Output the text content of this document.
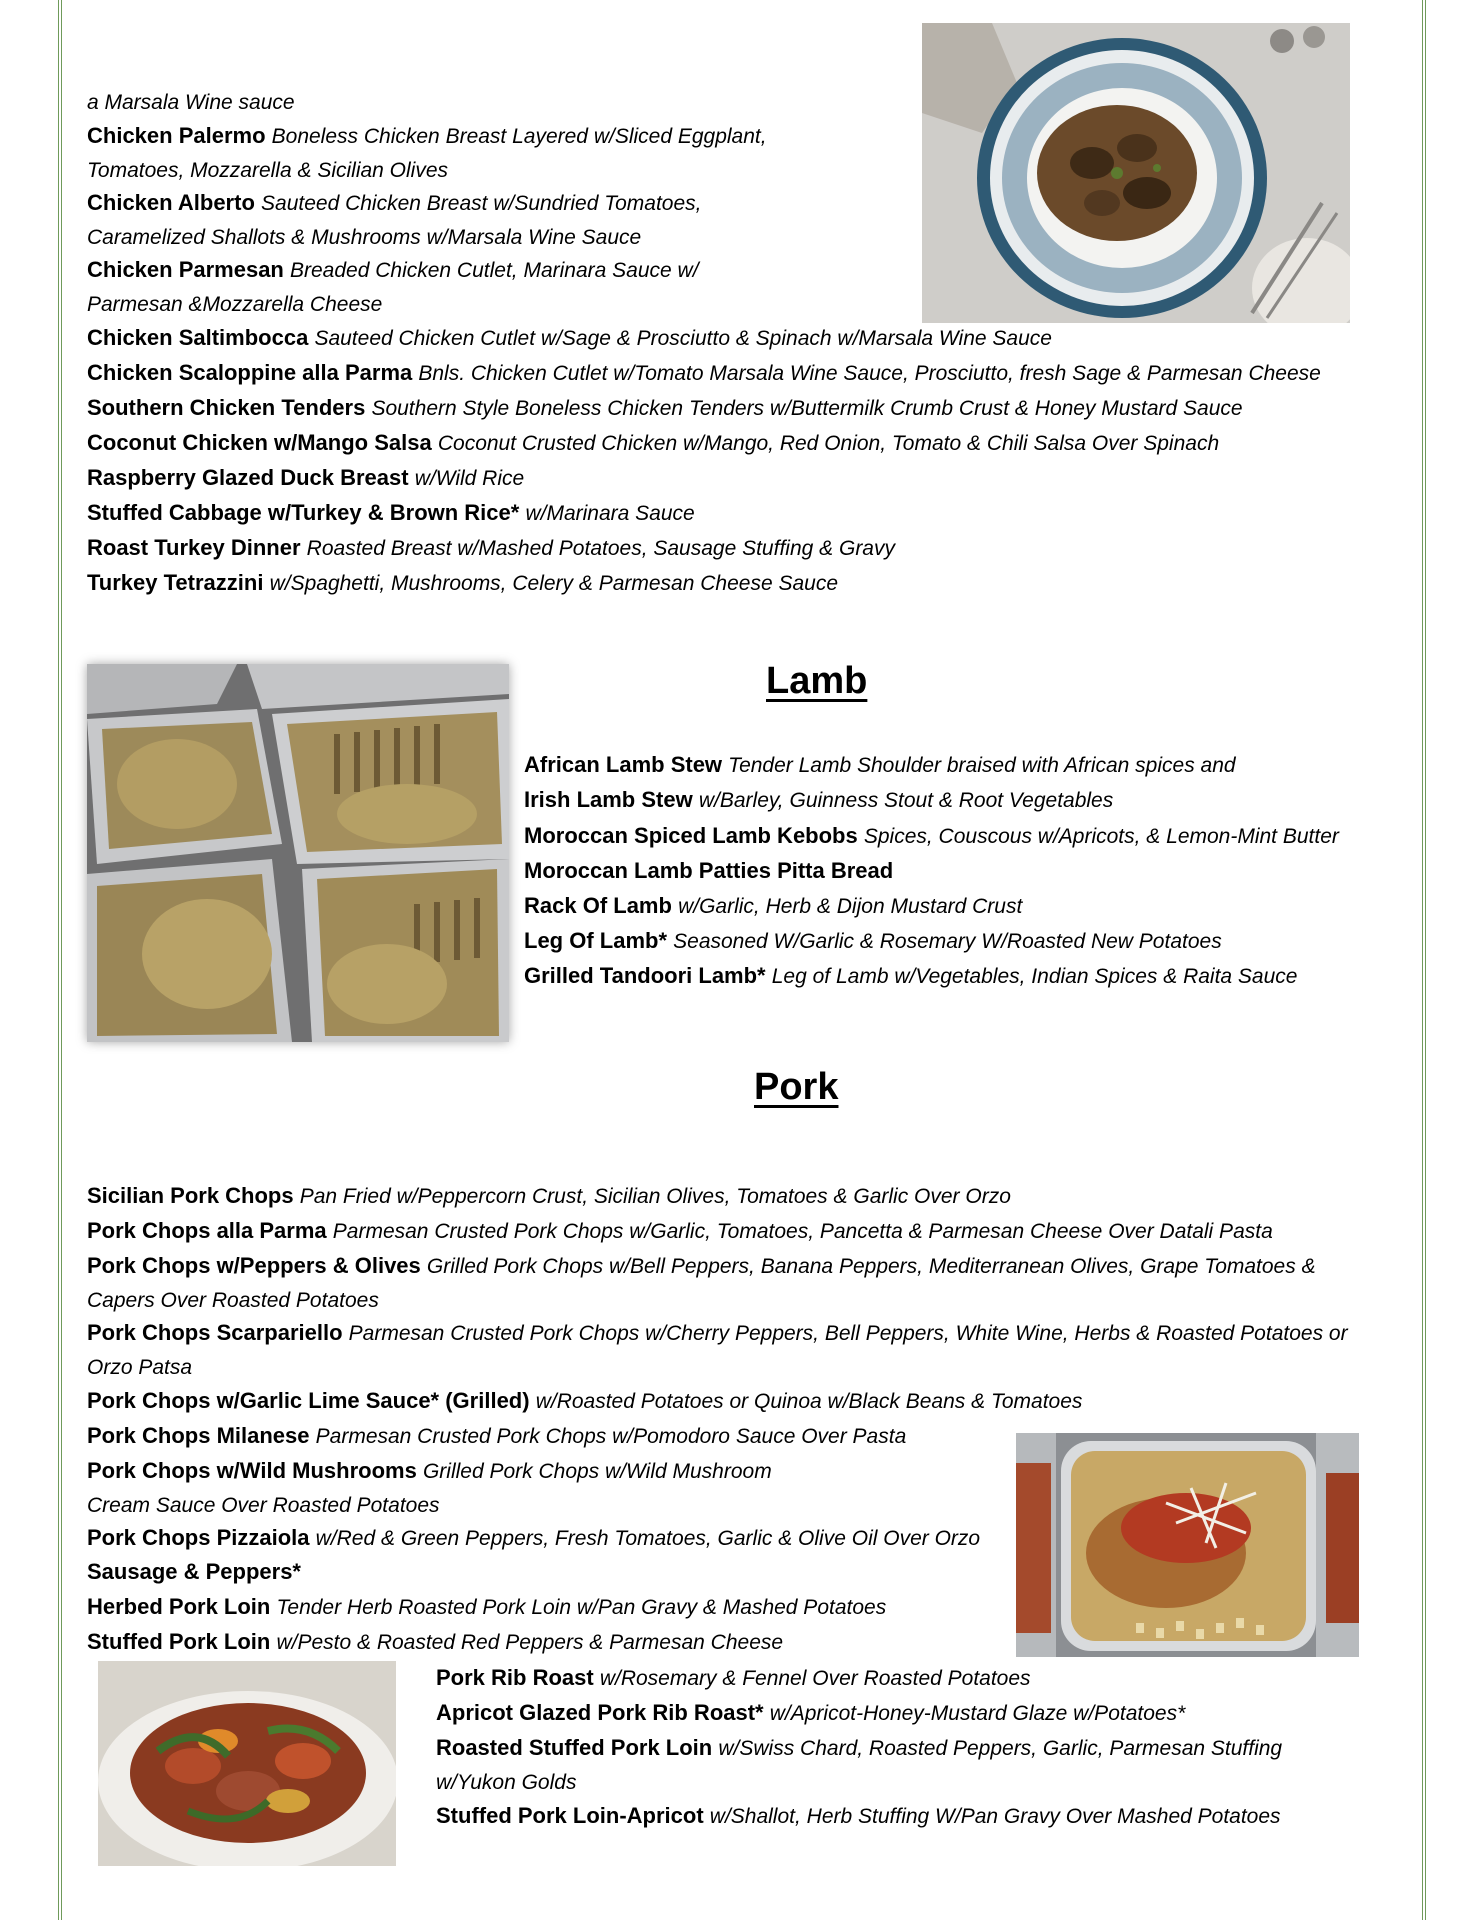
a Marsala Wine sauce
Chicken Palermo Boneless Chicken Breast Layered w/Sliced Eggplant,
Tomatoes, Mozzarella & Sicilian Olives
Chicken Alberto Sauteed Chicken Breast w/Sundried Tomatoes,
Caramelized Shallots & Mushrooms w/Marsala Wine Sauce
Chicken Parmesan Breaded Chicken Cutlet, Marinara Sauce w/
Parmesan &Mozzarella Cheese
Chicken Saltimbocca Sauteed Chicken Cutlet w/Sage & Prosciutto & Spinach w/Marsala Wine Sauce
Chicken Scaloppine alla Parma Bnls. Chicken Cutlet w/Tomato Marsala Wine Sauce, Prosciutto, fresh Sage & Parmesan Cheese
Southern Chicken Tenders Southern Style Boneless Chicken Tenders w/Buttermilk Crumb Crust & Honey Mustard Sauce
Coconut Chicken w/Mango Salsa Coconut Crusted Chicken w/Mango, Red Onion, Tomato & Chili Salsa Over Spinach
Raspberry Glazed Duck Breast w/Wild Rice
Stuffed Cabbage w/Turkey & Brown Rice* w/Marinara Sauce
Roast Turkey Dinner Roasted Breast w/Mashed Potatoes, Sausage Stuffing & Gravy
Turkey Tetrazzini w/Spaghetti, Mushrooms, Celery & Parmesan Cheese Sauce
Lamb
African Lamb Stew Tender Lamb Shoulder braised with African spices and
Irish Lamb Stew w/Barley, Guinness Stout & Root Vegetables
Moroccan Spiced Lamb Kebobs Spices, Couscous w/Apricots, & Lemon-Mint Butter
Moroccan Lamb Patties Pitta Bread
Rack Of Lamb w/Garlic, Herb & Dijon Mustard Crust
Leg Of Lamb* Seasoned W/Garlic & Rosemary W/Roasted New Potatoes
Grilled Tandoori Lamb* Leg of Lamb w/Vegetables, Indian Spices & Raita Sauce
Pork
Sicilian Pork Chops Pan Fried w/Peppercorn Crust, Sicilian Olives, Tomatoes & Garlic Over Orzo
Pork Chops alla Parma Parmesan Crusted Pork Chops w/Garlic, Tomatoes, Pancetta & Parmesan Cheese Over Datali Pasta
Pork Chops w/Peppers & Olives Grilled Pork Chops w/Bell Peppers, Banana Peppers, Mediterranean Olives, Grape Tomatoes &
Capers Over Roasted Potatoes
Pork Chops Scarpariello Parmesan Crusted Pork Chops w/Cherry Peppers, Bell Peppers, White Wine, Herbs & Roasted Potatoes or
Orzo Patsa
Pork Chops w/Garlic Lime Sauce* (Grilled) w/Roasted Potatoes or Quinoa w/Black Beans & Tomatoes
Pork Chops Milanese Parmesan Crusted Pork Chops w/Pomodoro Sauce Over Pasta
Pork Chops w/Wild Mushrooms Grilled Pork Chops w/Wild Mushroom
Cream Sauce Over Roasted Potatoes
Pork Chops Pizzaiola w/Red & Green Peppers, Fresh Tomatoes, Garlic & Olive Oil Over Orzo
Sausage & Peppers*
Herbed Pork Loin Tender Herb Roasted Pork Loin w/Pan Gravy & Mashed Potatoes
Stuffed Pork Loin w/Pesto & Roasted Red Peppers & Parmesan Cheese
Pork Rib Roast w/Rosemary & Fennel Over Roasted Potatoes
Apricot Glazed Pork Rib Roast* w/Apricot-Honey-Mustard Glaze w/Potatoes*
Roasted Stuffed Pork Loin w/Swiss Chard, Roasted Peppers, Garlic, Parmesan Stuffing
w/Yukon Golds
Stuffed Pork Loin-Apricot w/Shallot, Herb Stuffing W/Pan Gravy Over Mashed Potatoes
